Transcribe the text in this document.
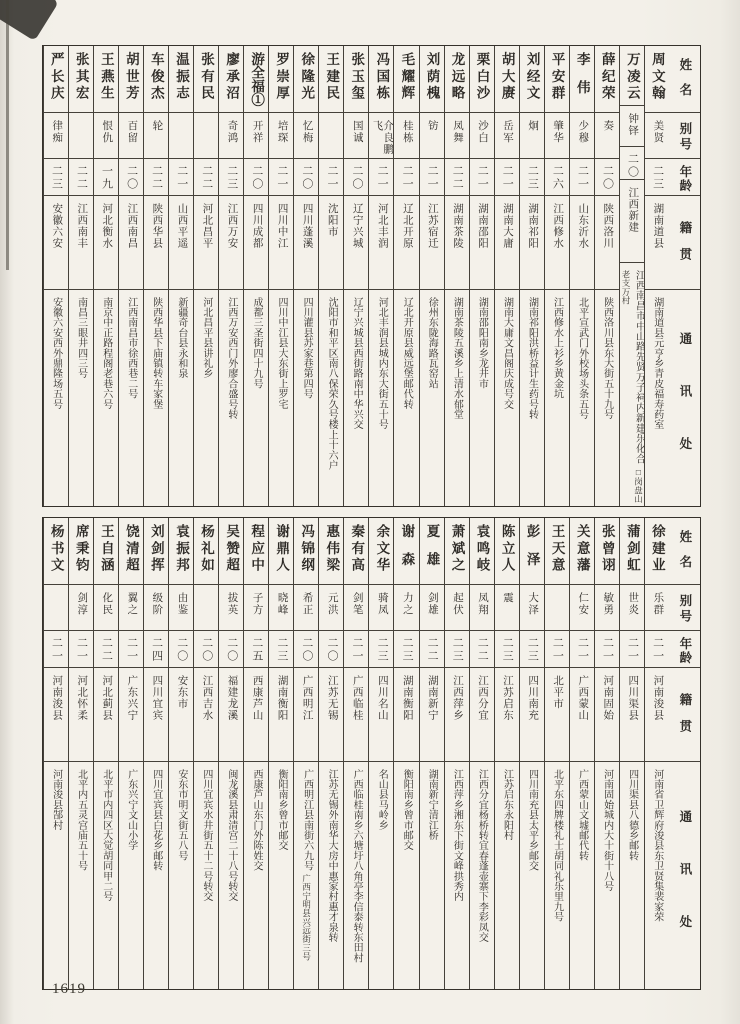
姓名
别号
年龄
籍贯
通讯处
周文翰
美贤
二三
湖南道县
湖南道县元亨乡青皮福寿药室
万凌云
钟铎
二〇
江西新建
江西南昌市中山路先贤万子祠内新建乐化合□岗盘山老支万村
薛纪荣
奏
二〇
陕西洛川
陕西洛川县东大街五十九号
李伟
少穆
二一
山东沂水
北平宣武门外校场头条五号
平安群
肇华
二六
江西修水
江西修水上衫乡黄金坑
刘经文
炯
二三
湖南祁阳
湖南祁阳洪桥益计生药号转
胡大赓
岳军
二一
湖南大庸
湖南大庸文昌阁庆成号交
栗白沙
沙白
二一
湖南邵阳
湖南邵阳南乡龙井市
龙远略
凤舞
二二
湖南茶陵
湖南茶陵五溪乡上清水郁堂
刘荫槐
钫
二一
江苏宿迁
徐州东陇海路瓦窑站
毛耀辉
桂栋
二一
辽北开原
辽北开原县威远堡邮代转
冯国栋
介良鹏飞
二一
河北丰润
河北丰润县城内东大街五十号
张玉玺
国诚
二〇
辽宁兴城
辽宁兴城县西街路南中华兴交
王建民
二一
沈阳市
沈阳市和平区南八保荣久号楼上十六户
徐隆光
忆梅
二〇
四川蓬溪
四川灌县苏家巷第四号
罗崇厚
培琛
二一
四川中江
四川中江县大东街上罗宅
游全福①
开祥
二〇
四川成都
成都三圣街四十九号
廖承沼
奇鸿
二三
江西万安
江西万安西门外廖合盛号转
张有民
二二
河北昌平
河北昌平县讲礼乡
温振志
二一
山西平遥
新疆奇台县永和泉
车俊杰
轮
二二
陕西华县
陕西华县下庙镇转车家堡
胡世芳
百留
二〇
江西南昌
江西南昌市徐西巷二号
王燕生
恨仇
一九
河北衡水
南京中正路程阁老巷六号
张其宏
二二
江西南丰
南昌三眼井四三号
严长庆
律痴
二三
安徽六安
安徽六安西外鼎隆场五号
姓名
别号
年龄
籍贯
通讯处
徐建业
乐群
二一
河南浚县
河南省卫辉府浚县东卫贤集裴家荣
蒲剑虹
世炎
二一
四川渠县
四川渠县八德乡邮转
张曾诩
敏勇
二一
河南固始
河南固始城内大十街十八号
关意藩
仁安
二一
广西蒙山
广西蒙山文墟邮代转
王天意
二一
北平市
北平东四牌楼礼士胡同礼乐里九号
彭泽
大泽
二三
四川南充
四川南充县太平乡邮交
陈立人
震
二三
江苏启东
江苏启东永阳村
袁鸣岐
凤翔
二二
江西分宜
江西分宜杨桥转宜春蓬壶寨下李彩凤交
萧斌之
起伏
二三
江西萍乡
江西萍乡湘东下街文峰拱秀内
夏雄
剑雄
二二
湖南新宁
湖南新宁清江桥
谢森
力之
二三
湖南衡阳
衡阳南乡曾市邮交
余文华
骑凤
二三
四川名山
名山县马岭乡
秦有高
剑笔
二一
广西临桂
广西临桂南乡六塘圩八角亭李信泰转东田村
惠伟梁
元洪
二〇
江苏无锡
江苏无锡外南华大房中惠家村惠才泉转
冯锦纲
希正
二〇
广西明江
广西明江县南街六九号广西宁明县兴远街三号
谢鼎人
晓峰
二三
湖南衡阳
衡阳南乡曾市邮交
程应中
子方
二五
西康芦山
西康芦山东门外陈姓交
吴赞超
拔英
二〇
福建龙溪
闽龙溪县肃清宫二十八号转交
杨礼如
二〇
江西吉水
四川宜宾水井街五十二号转交
袁振邦
由鉴
二〇
安东市
安东市明文街五八号
刘剑挥
级阶
二四
四川宜宾
四川宜宾县白花乡邮转
饶清超
翼之
二一
广东兴宁
广东兴宁文山小学
王自涵
化民
二二
河北蓟县
北平市内四区大觉胡同甲二号
席秉钧
剑淳
二一
河北怀柔
北平内五灵宫庙五十号
杨书文
二一
河南浚县
河南浚县郜村
1619
